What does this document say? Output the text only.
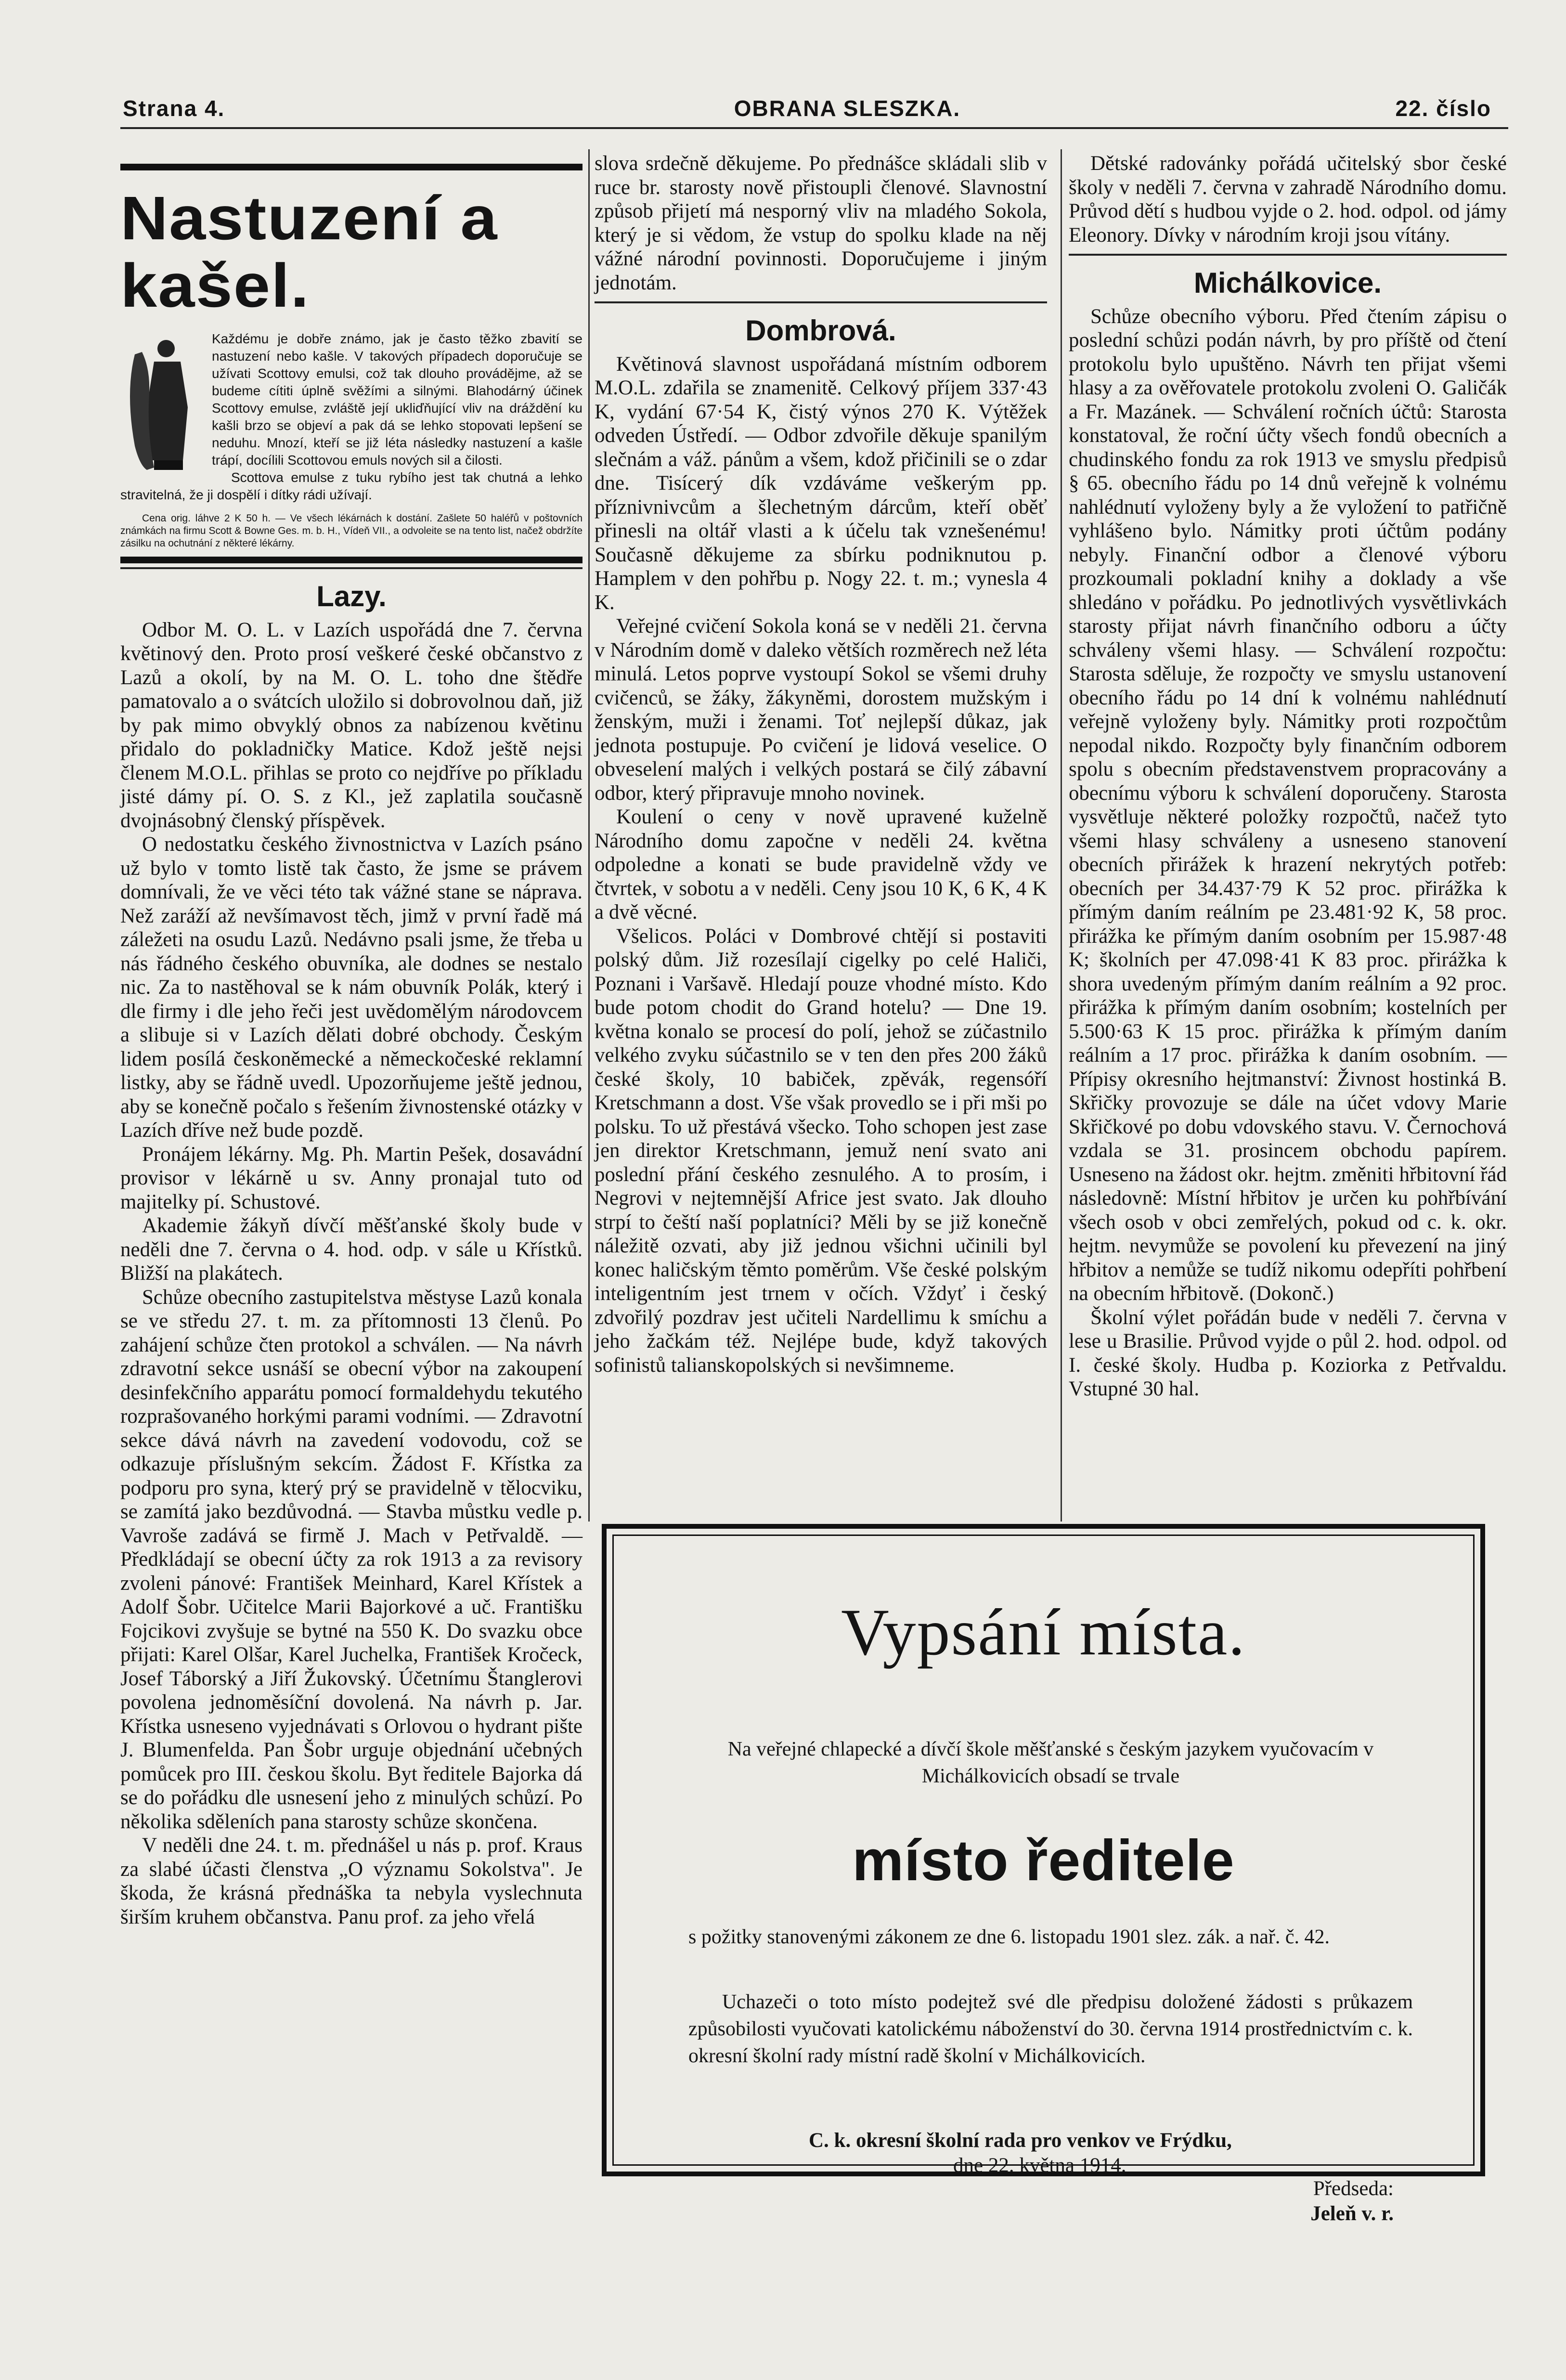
Strana 4.	OBRANA SLESZKA.	22. číslo
Nastuzení a kašel.

Každému je dobře známo, jak je často těžko zbavití se nastuzení nebo kašle. V takových případech doporučuje se užívati Scottovy emulsi, což tak dlouho provádějme, až se budeme cítiti úplně svěžími a silnými. Blahodárný účinek Scottovy emulse, zvláště její ukliďňující vliv na dráždění ku kašli brzo se objeví a pak dá se lehko stopovati lepšení se neduhu. Mnozí, kteří se již léta následky nastuzení a kašle trápí, docílili Scottovou emuls nových sil a čilosti.

Scottova emulse z tuku rybího jest tak chutná a lehko stravitelná, že ji dospělí i dítky rádi užívají.

Cena orig. láhve 2 K 50 h. — Ve všech lékárnách k dostání. Zašlete 50 haléřů v poštovních známkách na firmu Scott & Bowne Ges. m. b. H., Vídeň VII., a odvoleite se na tento list, načež obdržíte zásilku na ochutnání z některé lékárny.

Lazy.

Odbor M. O. L. v Lazích uspořádá dne 7. června květinový den. Proto prosí veškeré české občanstvo z Lazů a okolí, by na M. O. L. toho dne štědře pamatovalo a o svátcích uložilo si dobrovolnou daň, již by pak mimo obvyklý obnos za nabízenou květinu přidalo do pokladničky Matice. Kdož ještě nejsi členem M.O.L. přihlas se proto co nejdříve po příkladu jisté dámy pí. O. S. z Kl., jež zaplatila současně dvojnásobný členský příspěvek.

O nedostatku českého živnostnictva v Lazích psáno už bylo v tomto listě tak často, že jsme se právem domnívali, že ve věci této tak vážné stane se náprava. Než zaráží až nevšímavost těch, jimž v první řadě má záležeti na osudu Lazů. Nedávno psali jsme, že třeba u nás řádného českého obuvníka, ale dodnes se nestalo nic. Za to nastěhoval se k nám obuvník Polák, který i dle firmy i dle jeho řeči jest uvědomělým národovcem a slibuje si v Lazích dělati dobré obchody. Českým lidem posílá českoněmecké a německočeské reklamní listky, aby se řádně uvedl. Upozorňujeme ještě jednou, aby se konečně počalo s řešením živnostenské otázky v Lazích dříve než bude pozdě.

Pronájem lékárny. Mg. Ph. Martin Pešek, dosavádní provisor v lékárně u sv. Anny pronajal tuto od majitelky pí. Schustové.

Akademie žákyň dívčí měšťanské školy bude v neděli dne 7. června o 4. hod. odp. v sále u Křístků. Bližší na plakátech.

Schůze obecního zastupitelstva městyse Lazů konala se ve středu 27. t. m. za přítomnosti 13 členů. Po zahájení schůze čten protokol a schválen. — Na návrh zdravotní sekce usnáší se obecní výbor na zakoupení desinfekčního apparátu pomocí formaldehydu tekutého rozprašovaného horkými parami vodními. — Zdravotní sekce dává návrh na zavedení vodovodu, což se odkazuje příslušným sekcím. Žádost F. Křístka za podporu pro syna, který prý se pravidelně v tělocviku, se zamítá jako bezdůvodná. — Stavba můstku vedle p. Vavroše zadává se firmě J. Mach v Petřvaldě. — Předkládají se obecní účty za rok 1913 a za revisory zvoleni pánové: František Meinhard, Karel Křístek a Adolf Šobr. Učitelce Marii Bajorkové a uč. Františku Fojcikovi zvyšuje se bytné na 550 K. Do svazku obce přijati: Karel Olšar, Karel Juchelka, František Kročeck, Josef Táborský a Jiří Žukovský. Účetnímu Štanglerovi povolena jednoměsíční dovolená. Na návrh p. Jar. Křístka usneseno vyjednávati s Orlovou o hydrant pište J. Blumenfelda. Pan Šobr urguje objednání učebných pomůcek pro III. českou školu. Byt ředitele Bajorka dá se do pořádku dle usnesení jeho z minulých schůzí. Po několika sděleních pana starosty schůze skončena.

V neděli dne 24. t. m. přednášel u nás p. prof. Kraus za slabé účasti členstva „O významu Sokolstva". Je škoda, že krásná přednáška ta nebyla vyslechnuta širším kruhem občanstva. Panu prof. za jeho vřelá

slova srdečně děkujeme. Po přednášce skládali slib v ruce br. starosty nově přistoupli členové. Slavnostní způsob přijetí má nesporný vliv na mladého Sokola, který je si vědom, že vstup do spolku klade na něj vážné národní povinnosti. Doporučujeme i jiným jednotám.

Dombrová.

Květinová slavnost uspořádaná místním odborem M.O.L. zdařila se znamenitě. Celkový příjem 337·43 K, vydání 67·54 K, čistý výnos 270 K. Výtěžek odveden Ústředí. — Odbor zdvořile děkuje spanilým slečnám a váž. pánům a všem, kdož přičinili se o zdar dne. Tisícerý dík vzdáváme veškerým pp. příznivnivcům a šlechetným dárcům, kteří oběť přinesli na oltář vlasti a k účelu tak vznešenému! Současně děkujeme za sbírku podniknutou p. Hamplem v den pohřbu p. Nogy 22. t. m.; vynesla 4 K.

Veřejné cvičení Sokola koná se v neděli 21. června v Národním domě v daleko větších rozměrech než léta minulá. Letos poprve vystoupí Sokol se všemi druhy cvičenců, se žáky, žákyněmi, dorostem mužským i ženským, muži i ženami. Toť nejlepší důkaz, jak jednota postupuje. Po cvičení je lidová veselice. O obveselení malých i velkých postará se čilý zábavní odbor, který připravuje mnoho novinek.

Koulení o ceny v nově upravené kuželně Národního domu započne v neděli 24. května odpoledne a konati se bude pravidelně vždy ve čtvrtek, v sobotu a v neděli. Ceny jsou 10 K, 6 K, 4 K a dvě věcné.

Všelicos. Poláci v Dombrové chtějí si postaviti polský dům. Již rozesílají cigelky po celé Haliči, Poznani i Varšavě. Hledají pouze vhodné místo. Kdo bude potom chodit do Grand hotelu? — Dne 19. května konalo se procesí do polí, jehož se zúčastnilo velkého zvyku súčastnilo se v ten den přes 200 žáků české školy, 10 babiček, zpěvák, regensóří Kretschmann a dost. Vše však provedlo se i při mši po polsku. To už přestává všecko. Toho schopen jest zase jen direktor Kretschmann, jemuž není svato ani poslední přání českého zesnulého. A to prosím, i Negrovi v nejtemnější Africe jest svato. Jak dlouho strpí to čeští naší poplatníci? Měli by se již konečně náležitě ozvati, aby již jednou všichni učinili byl konec haličským těmto poměrům. Vše české polským inteligentním jest trnem v očích. Vždyť i český zdvořilý pozdrav jest učiteli Nardellimu k smíchu a jeho žačkám též. Nejlépe bude, když takových sofinistů talianskopolských si nevšimneme.

Dětské radovánky pořádá učitelský sbor české školy v neděli 7. června v zahradě Národního domu. Průvod dětí s hudbou vyjde o 2. hod. odpol. od jámy Eleonory. Dívky v národním kroji jsou vítány.

Michálkovice.

Schůze obecního výboru. Před čtením zápisu o poslední schůzi podán návrh, by pro příště od čtení protokolu bylo upuštěno. Návrh ten přijat všemi hlasy a za ověřovatele protokolu zvoleni O. Galičák a Fr. Mazánek. — Schválení ročních účtů: Starosta konstatoval, že roční účty všech fondů obecních a chudinského fondu za rok 1913 ve smyslu předpisů § 65. obecního řádu po 14 dnů veřejně k volnému nahlédnutí vyloženy byly a že vyložení to patřičně vyhlášeno bylo. Námitky proti účtům podány nebyly. Finanční odbor a členové výboru prozkoumali pokladní knihy a doklady a vše shledáno v pořádku. Po jednotlivých vysvětlivkách starosty přijat návrh finančního odboru a účty schváleny všemi hlasy. — Schválení rozpočtu: Starosta sděluje, že rozpočty ve smyslu ustanovení obecního řádu po 14 dní k volnému nahlédnutí veřejně vyloženy byly. Námitky proti rozpočtům nepodal nikdo. Rozpočty byly finančním odborem spolu s obecním představenstvem propracovány a obecnímu výboru k schválení doporučeny. Starosta vysvětluje některé položky rozpočtů, načež tyto všemi hlasy schváleny a usneseno stanovení obecních přirážek k hrazení nekrytých potřeb: obecních per 34.437·79 K 52 proc. přirážka k přímým daním reálním pe 23.481·92 K, 58 proc. přirážka ke přímým daním osobním per 15.987·48 K; školních per 47.098·41 K 83 proc. přirážka k shora uvedeným přímým daním reálním a 92 proc. přirážka k přímým daním osobním; kostelních per 5.500·63 K 15 proc. přirážka k přímým daním reálním a 17 proc. přirážka k daním osobním. — Přípisy okresního hejtmanství: Živnost hostinká B. Skřičky provozuje se dále na účet vdovy Marie Skřičkové po dobu vdovského stavu. V. Černochová vzdala se 31. prosincem obchodu papírem. Usneseno na žádost okr. hejtm. změniti hřbitovní řád následovně: Místní hřbitov je určen ku pohřbívání všech osob v obci zemřelých, pokud od c. k. okr. hejtm. nevymůže se povolení ku převezení na jiný hřbitov a nemůže se tudíž nikomu odepříti pohřbení na obecním hřbitově. (Dokonč.)

Školní výlet pořádán bude v neděli 7. června v lese u Brasilie. Průvod vyjde o půl 2. hod. odpol. od I. české školy. Hudba p. Koziorka z Petřvaldu. Vstupné 30 hal.

Vypsání místa.
Na veřejné chlapecké a dívčí škole měšťanské s českým jazykem vyučovacím v Michálkovicích obsadí se trvale
místo ředitele

s požitky stanovenými zákonem ze dne 6. listopadu 1901 slez. zák. a nař. č. 42.

Uchazeči o toto místo podejtež své dle předpisu doložené žádosti s průkazem způsobilosti vyučovati katolickému náboženství do 30. června 1914 prostřednictvím c. k. okresní školní rady místní radě školní v Michálkovicích.

C. k. okresní školní rada pro venkov ve Frýdku,
dne 22. května 1914.
Předseda:
Jeleň v. r.
